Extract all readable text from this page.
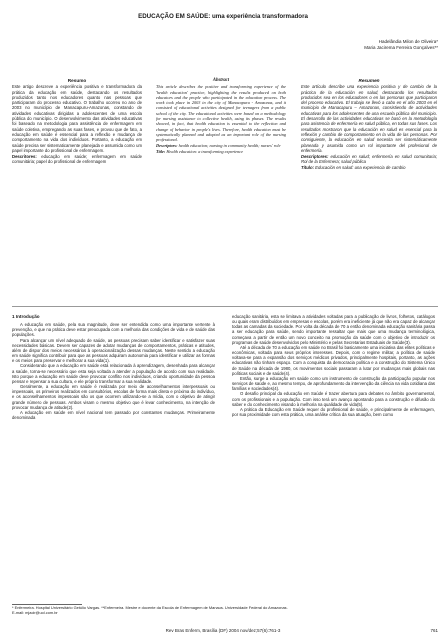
EDUCAÇÃO EM SAÚDE: uma experiência transformadora
Hadelândia Milon de Oliveira*
Maria Jacirema Ferreira Gonçalves**
Resumo

Este artigo descreve a experiência positiva e transformadora da prática da educação em saúde, destacando os resultados produzidos tanto nos educadores quanto nas pessoas que participaram do processo educativo. O trabalho ocorreu no ano de 2003 no município de Manacapuru-Amazonas, constando de atividades educativas dirigidas a adolescentes de uma escola pública do município. O desenvolvimento das atividades educativas foi baseado na metodologia para assistência de enfermagem em saúde coletiva, empregando as suas fases, e provou que de fato, a educação em saúde é essencial para a reflexão e mudança de comportamento na vida dos indivíduos. Portanto, a educação em saúde precisa ser sistematicamente planejada e assumida como um papel importante do profissional de enfermagem.

Descritores: educação em saúde; enfermagem em saúde comunitária; papel do profissional de enfermagem

Abstract

This article describes the positive and transforming experience of the 'health education' practice, highlighting the results produced on both educators and the people who participated in the education process. The work took place in 2003 in the city of Manacapuru - Amazonas, and it consisted of educational activities designed for teenagers from a public school of the city. The educational activities were based on a methodology for nursing assistance to collective health, using its phases. The results showed, in fact, that health education is essential to the reflection and change of behavior in people's lives. Therefore, health education must be systematically planned and adopted as an important role of the nursing professional.

Descriptors: health education; nursing in community health; nurses' role

Title: Health education: a transforming experience

Resumen

Este artículo describe una experiencia positiva y de cambio de la práctica de la educación en salud, destacando los resultados producidos sea en los educadores o en las personas que participaron del proceso educativo. El trabajo se llevó a cabo en el año 2003 en el municipio de Manacapuru – Amazonas, consistiendo de actividades educativas para los adolescentes de una escuela pública del municipio. El desarrollo de las actividades educativas se basó en la metodología para asistencia de enfermería en salud pública, en todas sus fases. Los resultados mostraron que la educación en salud es esencial para la reflexión y cambio de comportamiento en la vida de las personas. Por consiguiente, la educación en salud necesita ser sistemáticamente planeada y asumida como un rol importante del profesional de enfermería.

Descriptores: educación en salud; enfermería en salud comunitaria; Rol de la Enfermera; salud pública

Título: Educación en salud: una experiencia de cambio

1 Introdução

A educação em saúde, pela sua magnitude, deve ser entendida como uma importante vertente à prevenção, e que na prática deve estar preocupada com a melhoria das condições de vida e de saúde das populações.

Para alcançar um nível adequado de saúde, as pessoas precisam saber identificar e satisfazer suas necessidades básicas. Devem ser capazes de adotar mudanças de comportamentos, práticas e atitudes, além de dispor dos meios necessários à operacionalização dessas mudanças. Neste sentido a educação em saúde significa contribuir para que as pessoas adquiram autonomia para identificar e utilizar as formas e os meios para preservar e melhorar a sua vida(1).

Considerando que a educação em saúde está relacionada à aprendizagem, desenhada para alcançar a saúde, torna-se necessário que esta seja voltada a atender a população de acordo com sua realidade. Isto porque a educação em saúde deve provocar conflito nos indivíduos, criando oportunidade da pessoa pensar e repensar a sua cultura, e ele próprio transformar a sua realidade.

Geralmente, a educação em saúde é realizada por meio de aconselhamentos interpessoais ou impessoais, os primeiros realizados em consultórios, escolas de forma mais direta e próxima do indivíduo, e os aconselhamentos impessoais são os que ocorrem utilizando-se a mídia, com o objetivo de atingir grande número de pessoas. Ambos visam o mesmo objetivo que é levar conhecimento, na intenção de provocar mudança de atitude(2).

A educação em saúde em nível nacional tem passado por constantes mudanças. Primeiramente denominada

educação sanitária, esta se limitava a atividades voltadas para a publicação de livros, folhetos, catálogos ou quais eram distribuídos em empresas e escolas, porém era ineficiente já que não era capaz de alcançar todas as camadas da sociedade. Por volta da década de 70 a então denominada educação sanitária passa a ser educação para saúde, sendo importante ressaltar que mais que uma mudança terminológica, começava a partir de então um novo conceito na promoção da saúde com o objetivo de introduzir os programas de saúde desenvolvidos pelo Ministério e pelas Secretarias Estaduais de Saúde(3).

Até a década de 70 a educação em saúde no Brasil foi basicamente uma iniciativa das elites políticas e econômicas, voltada para seus próprios interesses. Depois, com o regime militar, a política de saúde voltava-se para a expansão dos serviços médicos privados, principalmente hospitais, portanto, as ações educativas não tinham espaço. Com a conquista da democracia política e a construção do Sistema Único de Saúde na década de 1980, os movimentos sociais passaram a lutar por mudanças mais globais nas políticas sociais e de saúde(4).

Então, surge a educação em saúde como um instrumento de construção da participação popular nos serviços de saúde e, ao mesmo tempo, de aprofundamento da intervenção da ciência na vida cotidiana das famílias e sociedades(4).

O desafio principal da educação em Saúde é trazer abertura para debates no âmbito governamental, com os profissionais e a população. Com isso terá um avanço apontando para a construção e difusão do saber e do conhecimento visando à melhoria na qualidade de vida(5).

A prática da Educação em Saúde requer do profissional de saúde, e principalmente de enfermagem, por sua proximidade com esta prática, uma análise crítica da sua atuação, bem como

* Enfermeira. Hospital Universitário Getúlio Vargas. **Enfermeira. Mestre e docente da Escola de Enfermagem de Manaus. Universidade Federal do Amazonas.

E-mail: mjacir@uol.com.br

Rev Bras Enferm, Brasília (DF) 2004 nov/dez;57(6):761-3	761
